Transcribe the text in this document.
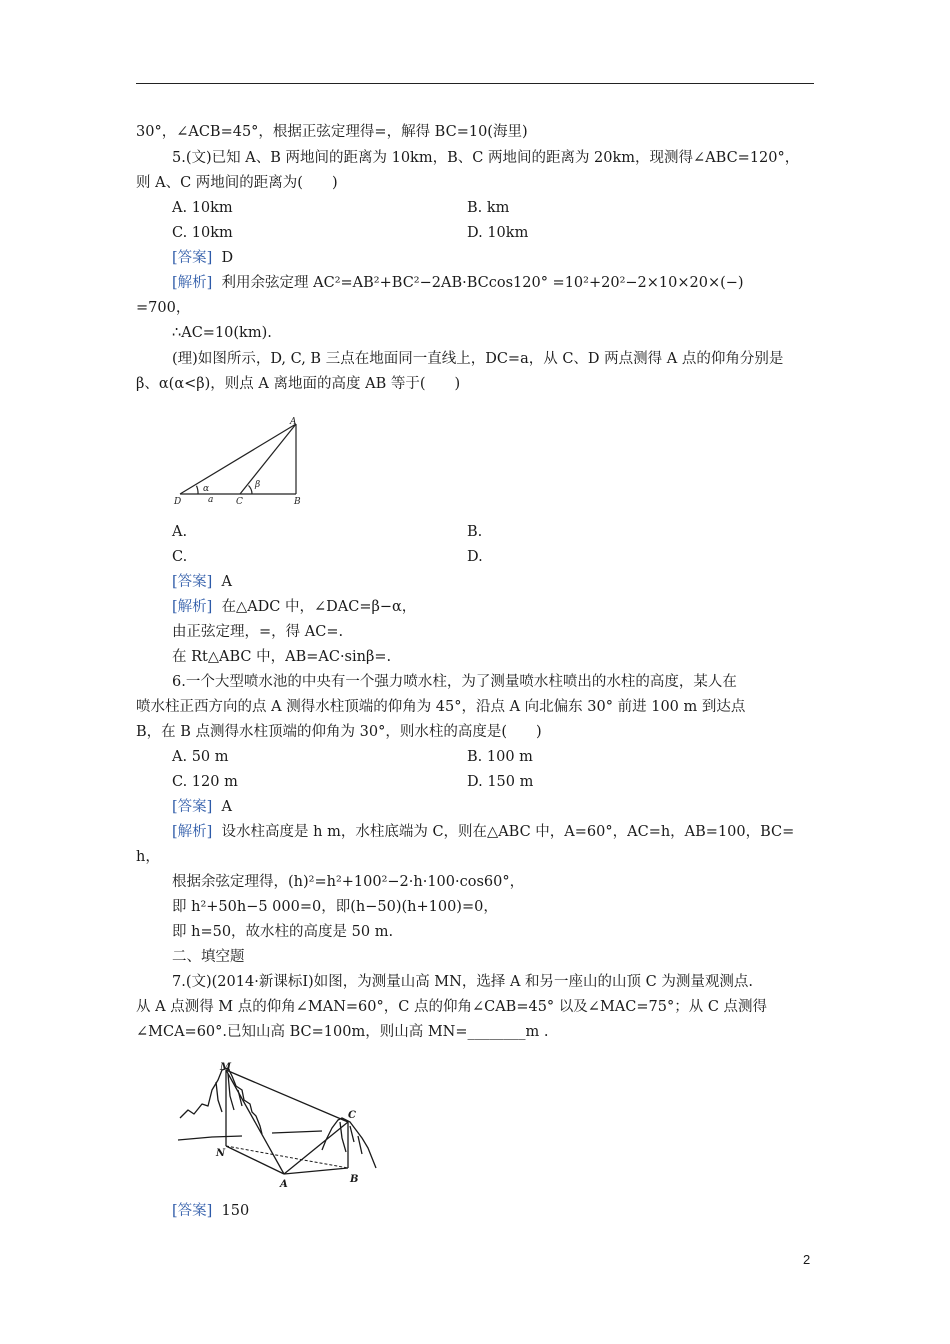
30°，∠ACB=45°，根据正弦定理得=，解得 BC=10(海里)
5.(文)已知 A、B 两地间的距离为 10km，B、C 两地间的距离为 20km，现测得∠ABC=120°，
则 A、C 两地间的距离为(　　)
A. 10km	B. km
C. 10km	D. 10km
[答案] D
[解析] 利用余弦定理 AC²=AB²+BC²−2AB·BCcos120° =10²+20²−2×10×20×(−)
=700，
∴AC=10(km).
(理)如图所示，D, C, B 三点在地面同一直线上，DC=a，从 C、D 两点测得 A 点的仰角分别是
β、α(α<β)，则点 A 离地面的高度 AB 等于(　　)
A
D	C	B
α	β
a
A.	B.
C.	D.
[答案] A
[解析] 在△ADC 中，∠DAC=β−α，
由正弦定理，=，得 AC=.
在 Rt△ABC 中，AB=AC·sinβ=.
6.一个大型喷水池的中央有一个强力喷水柱，为了测量喷水柱喷出的水柱的高度，某人在
喷水柱正西方向的点 A 测得水柱顶端的仰角为 45°，沿点 A 向北偏东 30° 前进 100 m 到达点
B，在 B 点测得水柱顶端的仰角为 30°，则水柱的高度是(　　)
A. 50 m	B. 100 m
C. 120 m	D. 150 m
[答案] A
[解析] 设水柱高度是 h m，水柱底端为 C，则在△ABC 中，A=60°，AC=h，AB=100，BC=
h，
根据余弦定理得，(h)²=h²+100²−2·h·100·cos60°，
即 h²+50h−5 000=0，即(h−50)(h+100)=0，
即 h=50，故水柱的高度是 50 m.
二、填空题
7.(文)(2014·新课标Ⅰ)如图，为测量山高 MN，选择 A 和另一座山的山顶 C 为测量观测点.
从 A 点测得 M 点的仰角∠MAN=60°，C 点的仰角∠CAB=45° 以及∠MAC=75°；从 C 点测得
∠MCA=60°.已知山高 BC=100m，则山高 MN=________m .
M
C
N
A	B
[答案] 150
2
